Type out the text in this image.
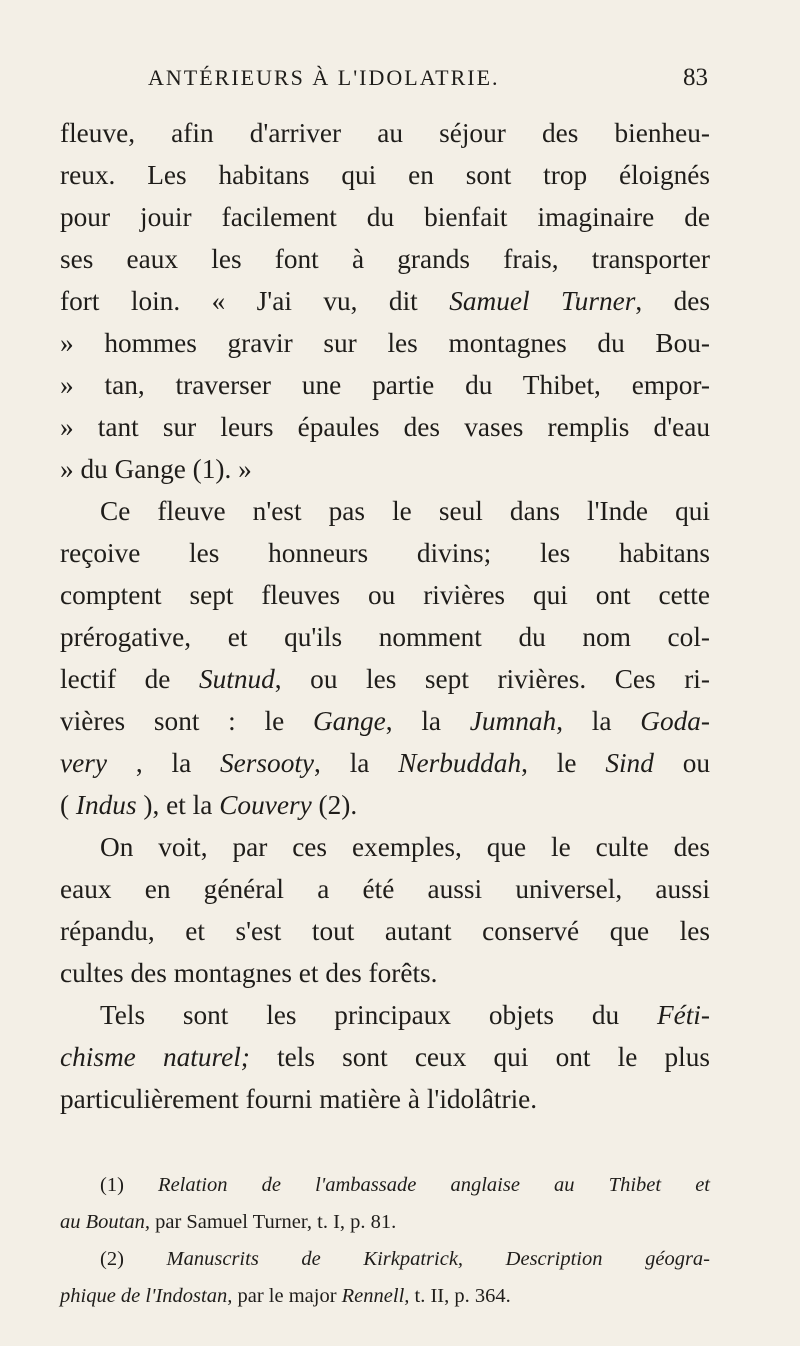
ANTÉRIEURS À L'IDOLATRIE.	83
fleuve, afin d'arriver au séjour des bienheu-
reux. Les habitans qui en sont trop éloignés
pour jouir facilement du bienfait imaginaire de
ses eaux les font à grands frais, transporter
fort loin. « J'ai vu, dit Samuel Turner, des
» hommes gravir sur les montagnes du Bou-
» tan, traverser une partie du Thibet, empor-
» tant sur leurs épaules des vases remplis d'eau
» du Gange (1). »
Ce fleuve n'est pas le seul dans l'Inde qui
reçoive les honneurs divins; les habitans
comptent sept fleuves ou rivières qui ont cette
prérogative, et qu'ils nomment du nom col-
lectif de Sutnud, ou les sept rivières. Ces ri-
vières sont : le Gange, la Jumnah, la Goda-
very , la Sersooty, la Nerbuddah, le Sind ou
( Indus ), et la Couvery (2).
On voit, par ces exemples, que le culte des
eaux en général a été aussi universel, aussi
répandu, et s'est tout autant conservé que les
cultes des montagnes et des forêts.
Tels sont les principaux objets du Féti-
chisme naturel; tels sont ceux qui ont le plus
particulièrement fourni matière à l'idolâtrie.
(1) Relation de l'ambassade anglaise au Thibet et
au Boutan, par Samuel Turner, t. I, p. 81.
(2) Manuscrits de Kirkpatrick, Description géogra-
phique de l'Indostan, par le major Rennell, t. II, p. 364.
